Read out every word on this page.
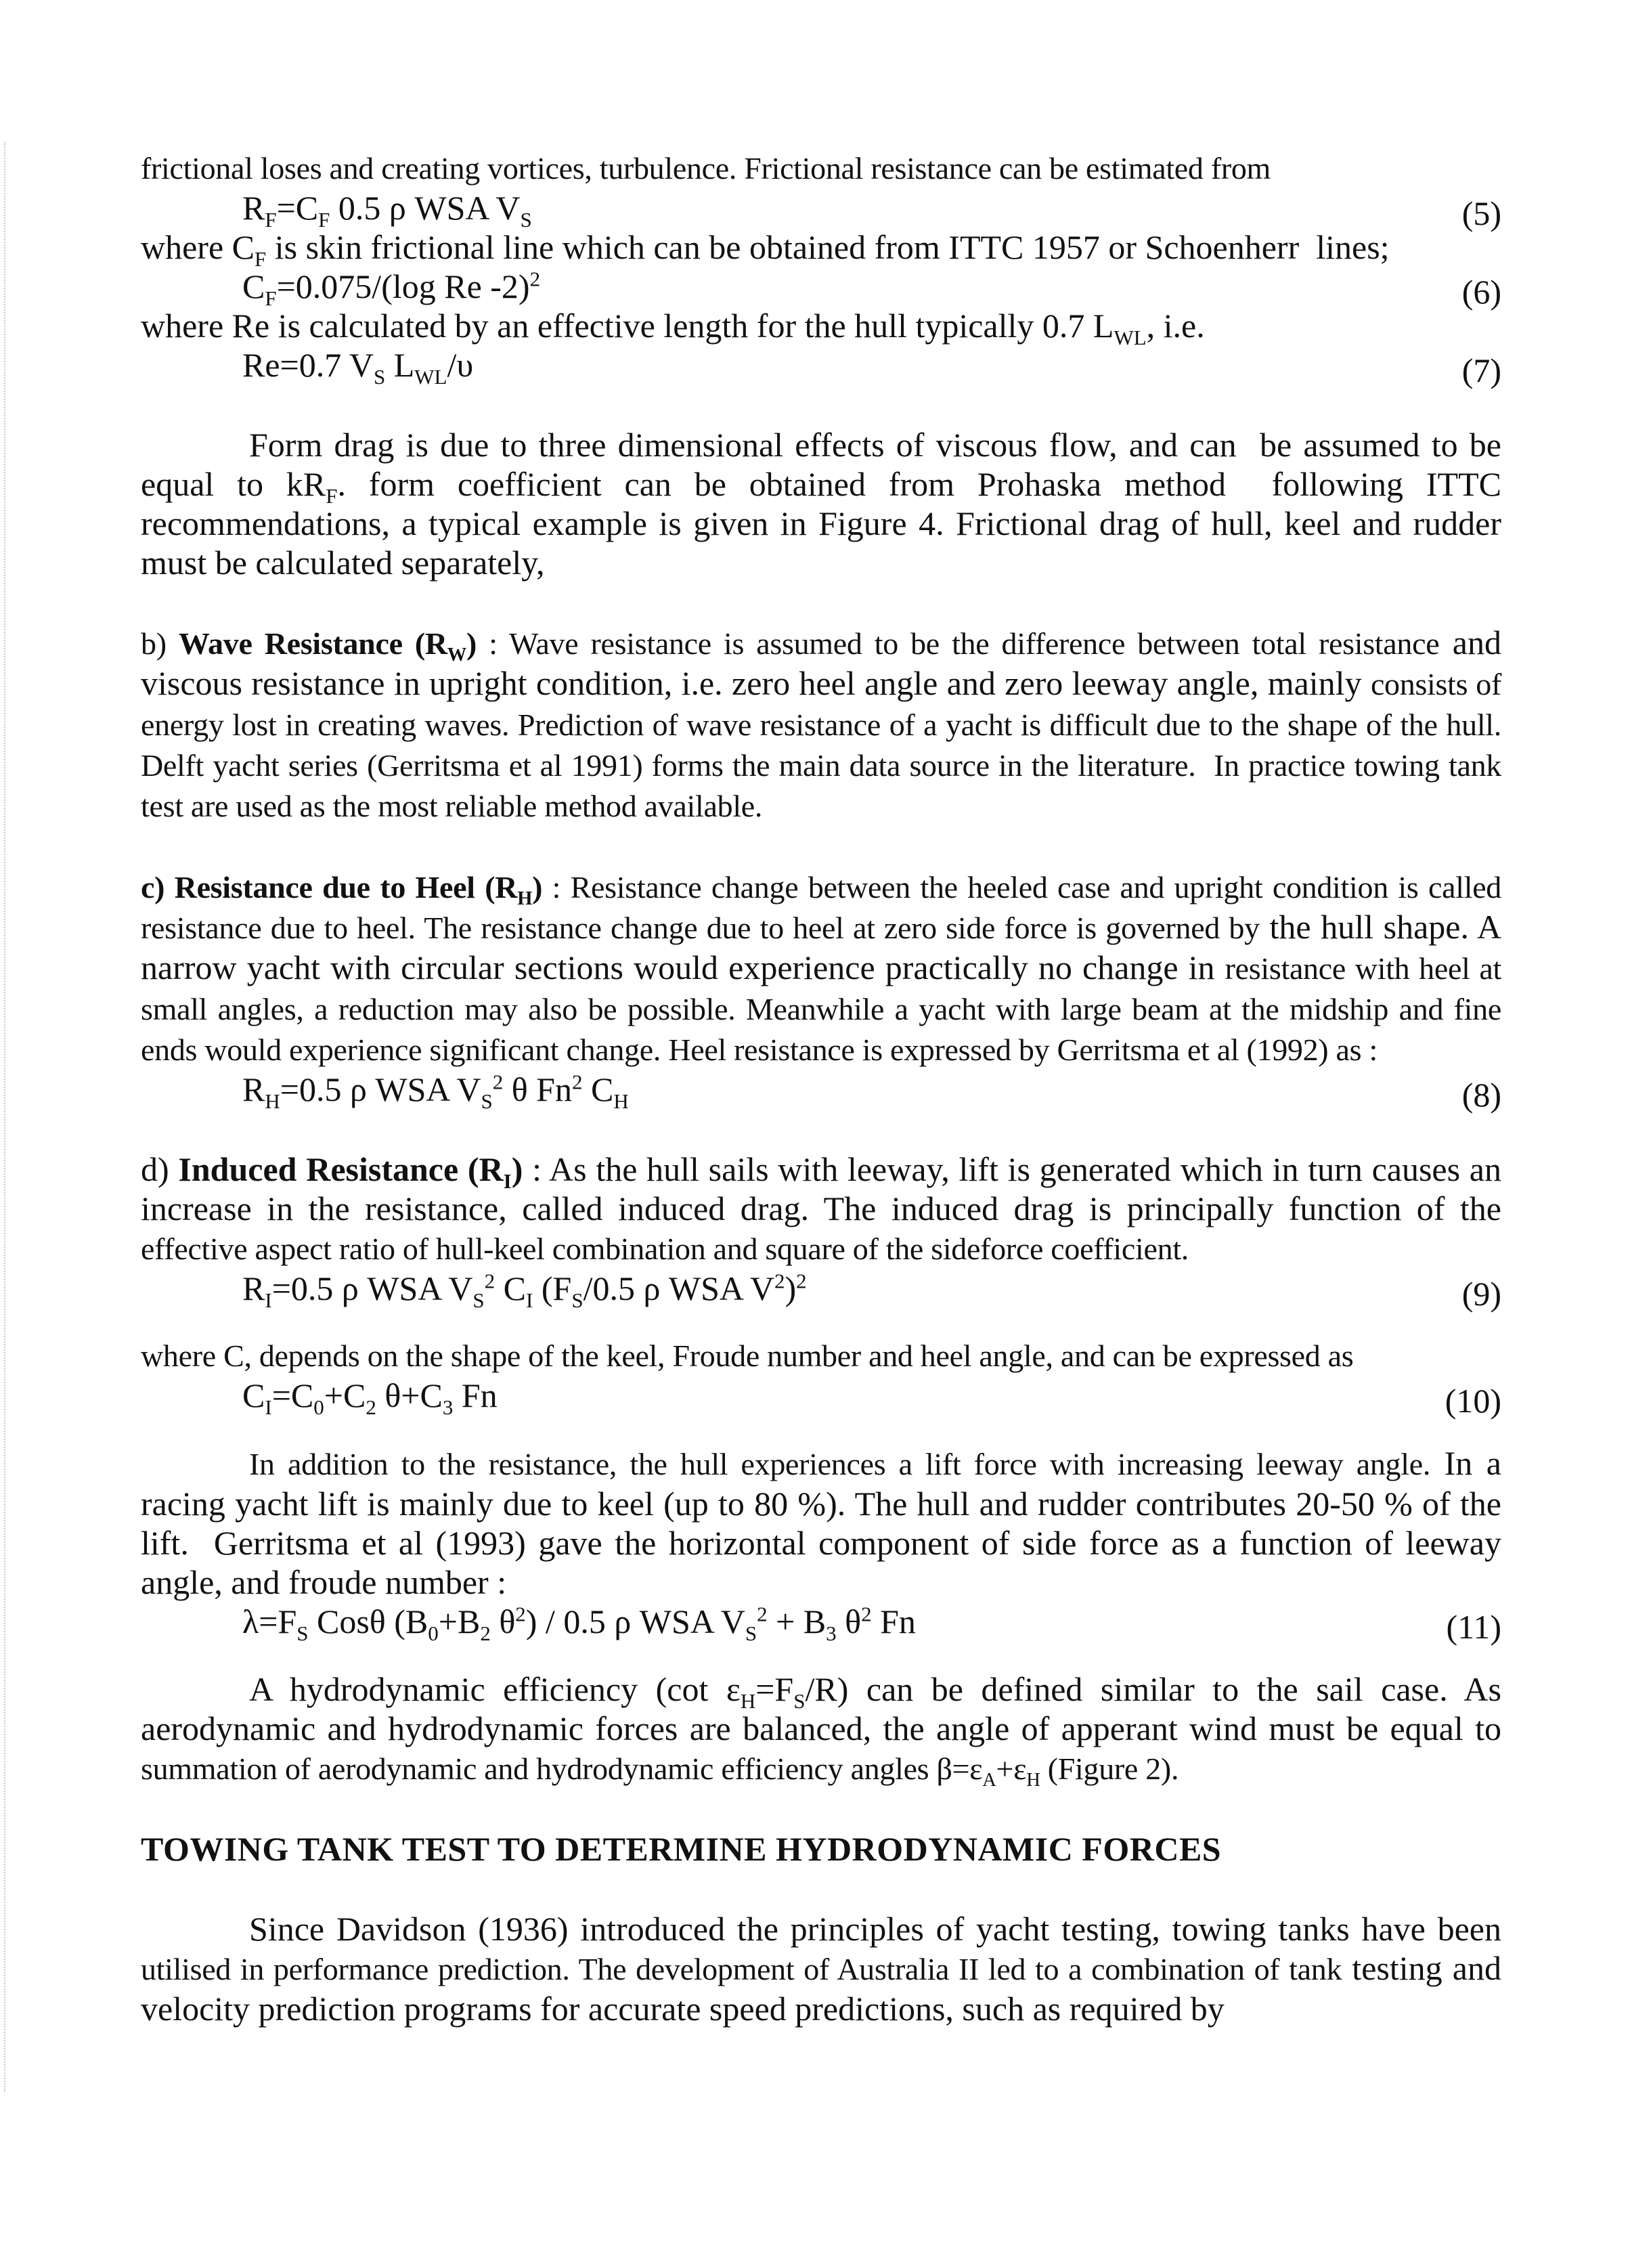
frictional loses and creating vortices, turbulence. Frictional resistance can be estimated from

$R_F=C_F$ 0.5 ρ WSA $V_S$	(5)

where $C_F$ is skin frictional line which can be obtained from ITTC 1957 or Schoenherr  lines;

$C_F=0.075/(\log$ Re -2)$^2$	(6)

where Re is calculated by an effective length for the hull typically 0.7 $L_{WL}$, i.e.

Re=0.7 $V_S$ $L_{WL}/\upsilon$	(7)

Form drag is due to three dimensional effects of viscous flow, and can  be assumed to be equal to $kR_F$. form coefficient can be obtained from Prohaska method  following ITTC recommendations, a typical example is given in Figure 4. Frictional drag of hull, keel and rudder must be calculated separately,

b) Wave Resistance $(R_W)$ : Wave resistance is assumed to be the difference between total resistance and viscous resistance in upright condition, i.e. zero heel angle and zero leeway angle, mainly consists of energy lost in creating waves. Prediction of wave resistance of a yacht is difficult due to the shape of the hull. Delft yacht series (Gerritsma et al 1991) forms the main data source in the literature.  In practice towing tank test are used as the most reliable method available.

c) Resistance due to Heel $(R_H)$ : Resistance change between the heeled case and upright condition is called resistance due to heel. The resistance change due to heel at zero side force is governed by the hull shape. A narrow yacht with circular sections would experience practically no change in resistance with heel at small angles, a reduction may also be possible. Meanwhile a yacht with large beam at the midship and fine ends would experience significant change. Heel resistance is expressed by Gerritsma et al (1992) as :

$R_H=0.5$ ρ WSA $V_S^2$ θ Fn$^2$ $C_H$	(8)

d) Induced Resistance $(R_I)$ : As the hull sails with leeway, lift is generated which in turn causes an increase in the resistance, called induced drag. The induced drag is principally function of the effective aspect ratio of hull-keel combination and square of the sideforce coefficient.

$R_I=0.5$ ρ WSA $V_S^2$ $C_I$ ($F_S/0.5$ ρ WSA $V^2)^2$	(9)

where C, depends on the shape of the keel, Froude number and heel angle, and can be expressed as

$C_I=C_0+C_2$ $\theta+C_3$ Fn	(10)

In addition to the resistance, the hull experiences a lift force with increasing leeway angle. In a racing yacht lift is mainly due to keel (up to 80 %). The hull and rudder contributes 20-50 % of the lift.  Gerritsma et al (1993) gave the horizontal component of side force as a function of leeway angle, and froude number :

$\lambda=F_S$ Cosθ ($B_0+B_2$ $\theta^2) / 0.5$ ρ WSA $V_S^2 + B_3$ $\theta^2$ Fn	(11)

A hydrodynamic efficiency (cot $\varepsilon_H=F_S/R$) can be defined similar to the sail case. As aerodynamic and hydrodynamic forces are balanced, the angle of apperant wind must be equal to summation of aerodynamic and hydrodynamic efficiency angles $\beta=\varepsilon_A+\varepsilon_H$ (Figure 2).

TOWING TANK TEST TO DETERMINE HYDRODYNAMIC FORCES

Since Davidson (1936) introduced the principles of yacht testing, towing tanks have been utilised in performance prediction. The development of Australia II led to a combination of tank testing and velocity prediction programs for accurate speed predictions, such as required by
